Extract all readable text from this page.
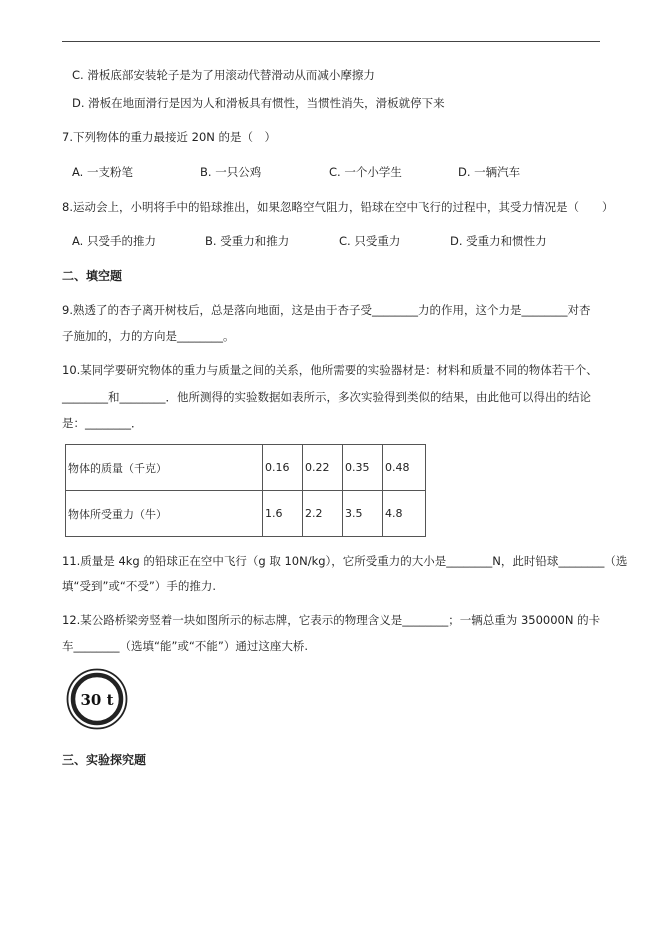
C. 滑板底部安装轮子是为了用滚动代替滑动从而减小摩擦力
D. 滑板在地面滑行是因为人和滑板具有惯性，当惯性消失，滑板就停下来
7.下列物体的重力最接近 20N 的是（　）
A. 一支粉笔	B. 一只公鸡	C. 一个小学生	D. 一辆汽车
8.运动会上，小明将手中的铅球推出，如果忽略空气阻力，铅球在空中飞行的过程中，其受力情况是（　　）
A. 只受手的推力	B. 受重力和推力	C. 只受重力	D. 受重力和惯性力
二、填空题
9.熟透了的杏子离开树枝后，总是落向地面，这是由于杏子受________力的作用，这个力是________对杏
子施加的，力的方向是________。
10.某同学要研究物体的重力与质量之间的关系，他所需要的实验器材是：材料和质量不同的物体若干个、
________和________．他所测得的实验数据如表所示，多次实验得到类似的结果，由此他可以得出的结论
是：________．
物体的质量（千克）	0.16	0.22	0.35	0.48
物体所受重力（牛）	1.6	2.2	3.5	4.8
11.质量是 4kg 的铅球正在空中飞行（g 取 10N/kg），它所受重力的大小是________N，此时铅球________（选
填“受到”或“不受”）手的推力.
12.某公路桥梁旁竖着一块如图所示的标志牌，它表示的物理含义是________；一辆总重为 350000N 的卡
车________（选填“能”或“不能”）通过这座大桥.
30 t
三、实验探究题
